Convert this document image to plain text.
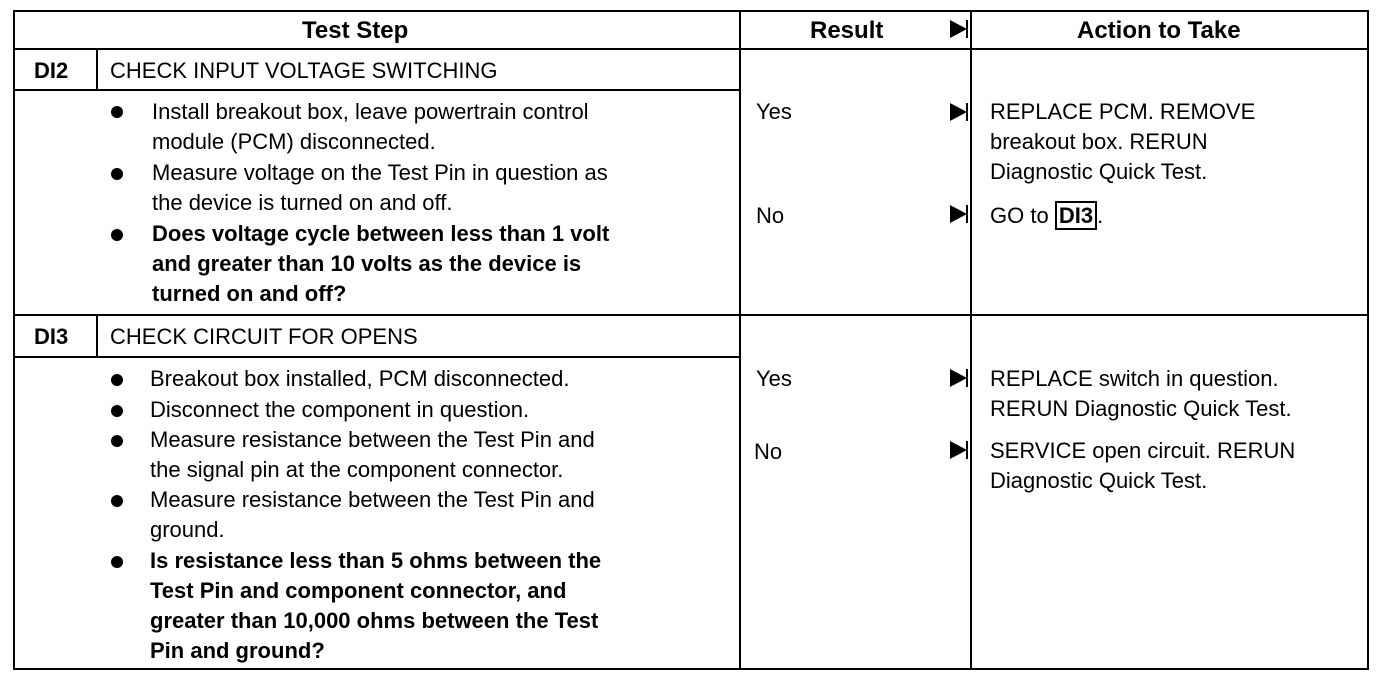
Test Step	Result	Action to Take
DI2 CHECK INPUT VOLTAGE SWITCHING
Install breakout box, leave powertrain control
module (PCM) disconnected.
Measure voltage on the Test Pin in question as
the device is turned on and off.
Does voltage cycle between less than 1 volt
and greater than 10 volts as the device is
turned on and off?
Yes
No
REPLACE PCM. REMOVE
breakout box. RERUN
Diagnostic Quick Test.
GO to DI3 .
DI3 CHECK CIRCUIT FOR OPENS
Breakout box installed, PCM disconnected.
Disconnect the component in question.
Measure resistance between the Test Pin and
the signal pin at the component connector.
Measure resistance between the Test Pin and
ground.
Is resistance less than 5 ohms between the
Test Pin and component connector, and
greater than 10,000 ohms between the Test
Pin and ground?
Yes
No
REPLACE switch in question.
RERUN Diagnostic Quick Test.
SERVICE open circuit. RERUN
Diagnostic Quick Test.
